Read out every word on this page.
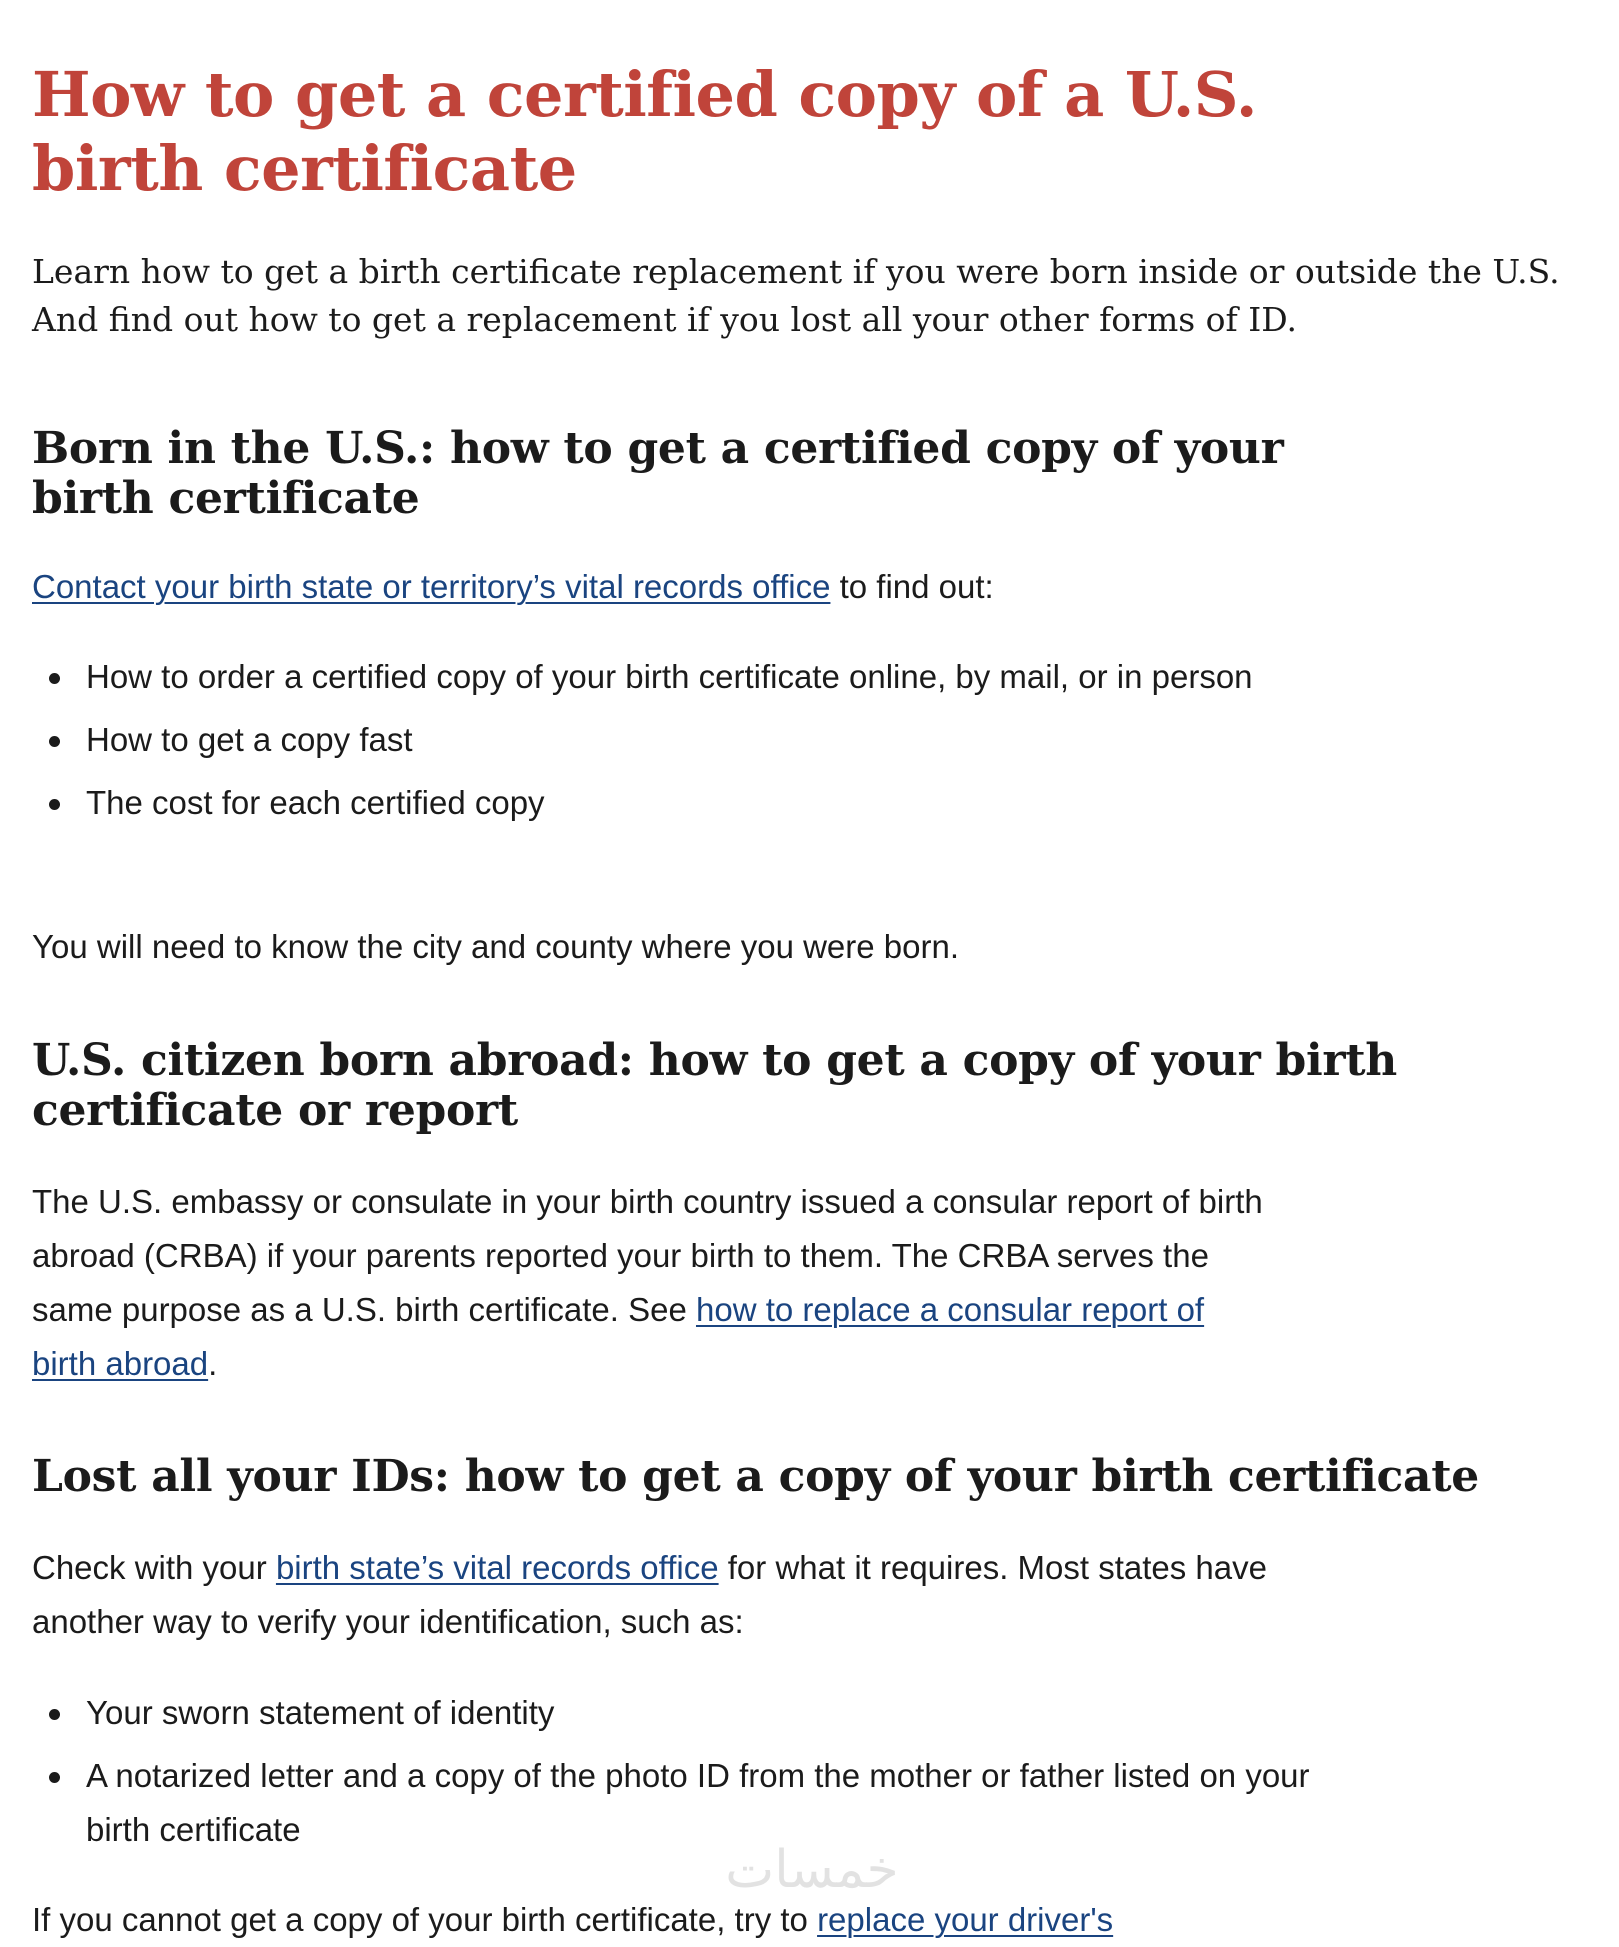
How to get a certified copy of a U.S. birth certificate

Learn how to get a birth certificate replacement if you were born inside or outside the U.S. And find out how to get a replacement if you lost all your other forms of ID.

Born in the U.S.: how to get a certified copy of your birth certificate

Contact your birth state or territory’s vital records office to find out:

How to order a certified copy of your birth certificate online, by mail, or in person
How to get a copy fast
The cost for each certified copy

You will need to know the city and county where you were born.

U.S. citizen born abroad: how to get a copy of your birth certificate or report

The U.S. embassy or consulate in your birth country issued a consular report of birth abroad (CRBA) if your parents reported your birth to them. The CRBA serves the same purpose as a U.S. birth certificate. See how to replace a consular report of birth abroad.

Lost all your IDs: how to get a copy of your birth certificate

Check with your birth state’s vital records office for what it requires. Most states have another way to verify your identification, such as:

Your sworn statement of identity
A notarized letter and a copy of the photo ID from the mother or father listed on your birth certificate

If you cannot get a copy of your birth certificate, try to replace your driver's

خمسات
